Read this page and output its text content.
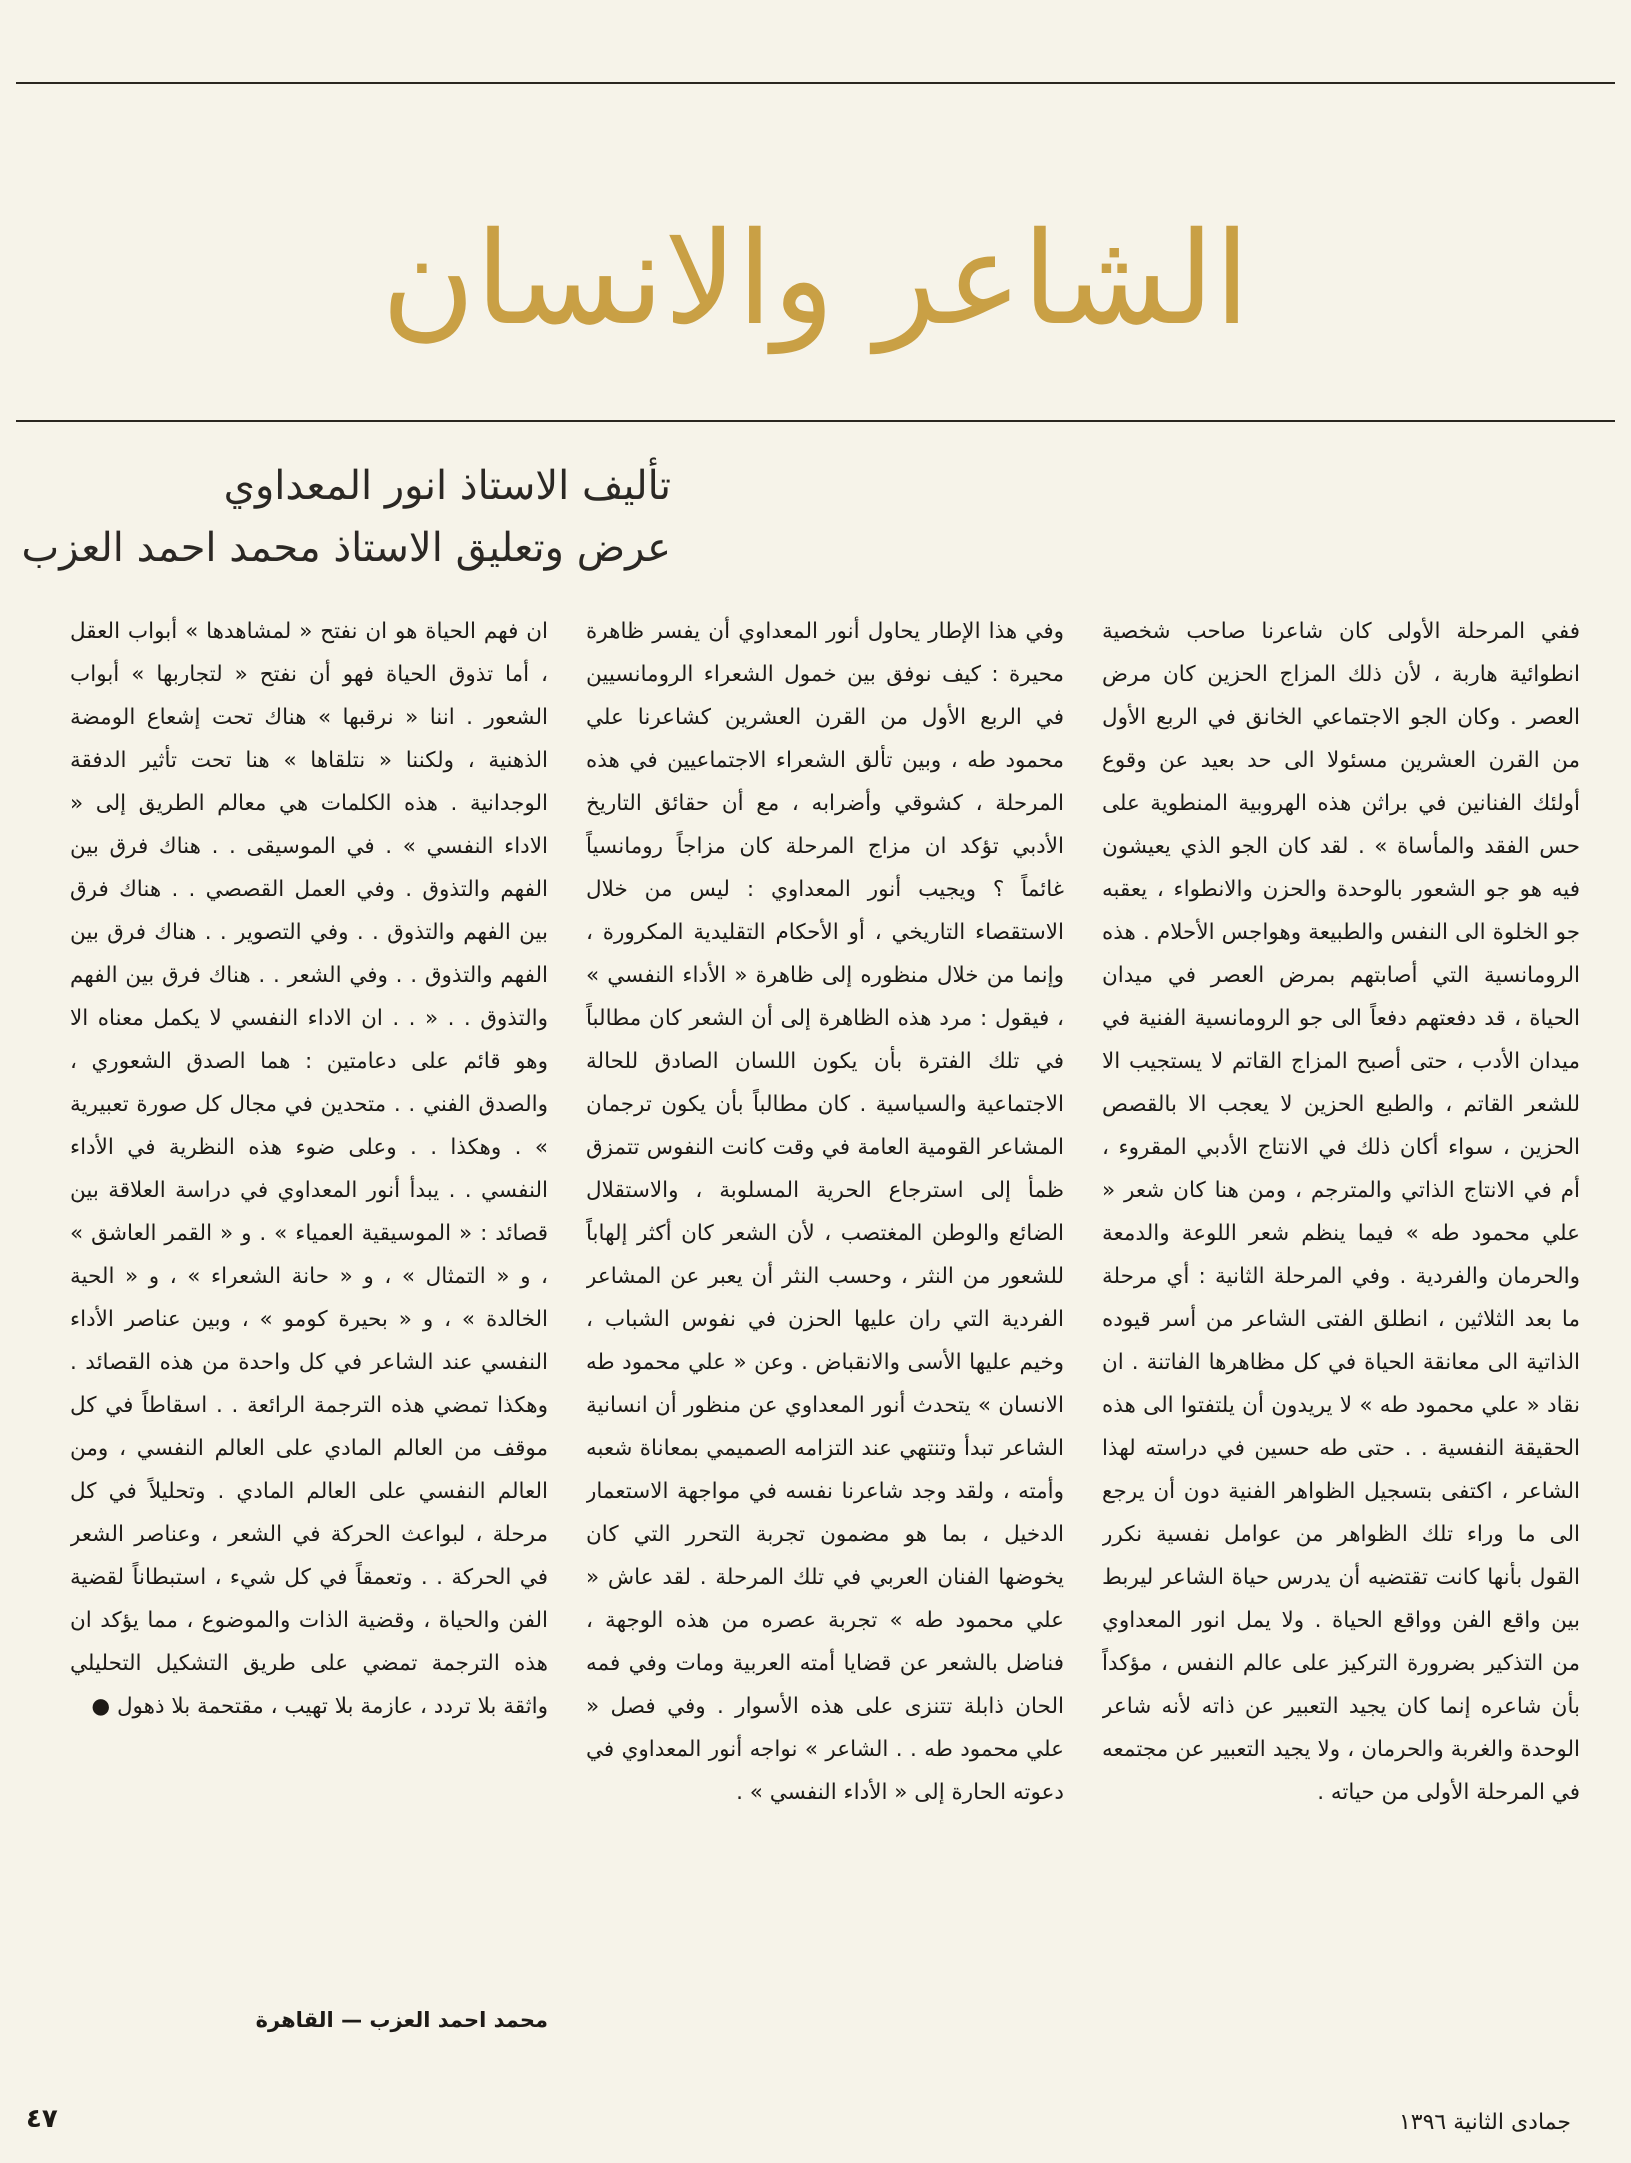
الشاعر والانسان
تأليف الاستاذ انور المعداوي
عرض وتعليق الاستاذ محمد احمد العزب

ففي المرحلة الأولى كان شاعرنا صاحب شخصية انطوائية هاربة ، لأن ذلك المزاج الحزين كان مرض العصر . وكان الجو الاجتماعي الخانق في الربع الأول من القرن العشرين مسئولا الى حد بعيد عن وقوع أولئك الفنانين في براثن هذه الهروبية المنطوية على حس الفقد والمأساة » . لقد كان الجو الذي يعيشون فيه هو جو الشعور بالوحدة والحزن والانطواء ، يعقبه جو الخلوة الى النفس والطبيعة وهواجس الأحلام . هذه الرومانسية التي أصابتهم بمرض العصر في ميدان الحياة ، قد دفعتهم دفعاً الى جو الرومانسية الفنية في ميدان الأدب ، حتى أصبح المزاج القاتم لا يستجيب الا للشعر القاتم ، والطبع الحزين لا يعجب الا بالقصص الحزين ، سواء أكان ذلك في الانتاج الأدبي المقروء ، أم في الانتاج الذاتي والمترجم ، ومن هنا كان شعر « علي محمود طه » فيما ينظم شعر اللوعة والدمعة والحرمان والفردية . وفي المرحلة الثانية : أي مرحلة ما بعد الثلاثين ، انطلق الفتى الشاعر من أسر قيوده الذاتية الى معانقة الحياة في كل مظاهرها الفاتنة . ان نقاد « علي محمود طه » لا يريدون أن يلتفتوا الى هذه الحقيقة النفسية . . حتى طه حسين في دراسته لهذا الشاعر ، اكتفى بتسجيل الظواهر الفنية دون أن يرجع الى ما وراء تلك الظواهر من عوامل نفسية نكرر القول بأنها كانت تقتضيه أن يدرس حياة الشاعر ليربط بين واقع الفن وواقع الحياة . ولا يمل انور المعداوي من التذكير بضرورة التركيز على عالم النفس ، مؤكداً بأن شاعره إنما كان يجيد التعبير عن ذاته لأنه شاعر الوحدة والغربة والحرمان ، ولا يجيد التعبير عن مجتمعه في المرحلة الأولى من حياته .

وفي هذا الإطار يحاول أنور المعداوي أن يفسر ظاهرة محيرة : كيف نوفق بين خمول الشعراء الرومانسيين في الربع الأول من القرن العشرين كشاعرنا علي محمود طه ، وبين تألق الشعراء الاجتماعيين في هذه المرحلة ، كشوقي وأضرابه ، مع أن حقائق التاريخ الأدبي تؤكد ان مزاج المرحلة كان مزاجاً رومانسياً غائماً ؟ ويجيب أنور المعداوي : ليس من خلال الاستقصاء التاريخي ، أو الأحكام التقليدية المكرورة ، وإنما من خلال منظوره إلى ظاهرة « الأداء النفسي » ، فيقول : مرد هذه الظاهرة إلى أن الشعر كان مطالباً في تلك الفترة بأن يكون اللسان الصادق للحالة الاجتماعية والسياسية . كان مطالباً بأن يكون ترجمان المشاعر القومية العامة في وقت كانت النفوس تتمزق ظمأ إلى استرجاع الحرية المسلوبة ، والاستقلال الضائع والوطن المغتصب ، لأن الشعر كان أكثر إلهاباً للشعور من النثر ، وحسب النثر أن يعبر عن المشاعر الفردية التي ران عليها الحزن في نفوس الشباب ، وخيم عليها الأسى والانقباض . وعن « علي محمود طه الانسان » يتحدث أنور المعداوي عن منظور أن انسانية الشاعر تبدأ وتنتهي عند التزامه الصميمي بمعاناة شعبه وأمته ، ولقد وجد شاعرنا نفسه في مواجهة الاستعمار الدخيل ، بما هو مضمون تجربة التحرر التي كان يخوضها الفنان العربي في تلك المرحلة . لقد عاش « علي محمود طه » تجربة عصره من هذه الوجهة ، فناضل بالشعر عن قضايا أمته العربية ومات وفي فمه الحان ذابلة تتنزى على هذه الأسوار . وفي فصل « علي محمود طه . . الشاعر » نواجه أنور المعداوي في دعوته الحارة إلى « الأداء النفسي » .

ان فهم الحياة هو ان نفتح « لمشاهدها » أبواب العقل ، أما تذوق الحياة فهو أن نفتح « لتجاربها » أبواب الشعور . اننا « نرقبها » هناك تحت إشعاع الومضة الذهنية ، ولكننا « نتلقاها » هنا تحت تأثير الدفقة الوجدانية . هذه الكلمات هي معالم الطريق إلى « الاداء النفسي » . في الموسيقى . . هناك فرق بين الفهم والتذوق . وفي العمل القصصي . . هناك فرق بين الفهم والتذوق . . وفي التصوير . . هناك فرق بين الفهم والتذوق . . وفي الشعر . . هناك فرق بين الفهم والتذوق . . « . . ان الاداء النفسي لا يكمل معناه الا وهو قائم على دعامتين : هما الصدق الشعوري ، والصدق الفني . . متحدين في مجال كل صورة تعبيرية » . وهكذا . . وعلى ضوء هذه النظرية في الأداء النفسي . . يبدأ أنور المعداوي في دراسة العلاقة بين قصائد : « الموسيقية العمياء » . و « القمر العاشق » ، و « التمثال » ، و « حانة الشعراء » ، و « الحية الخالدة » ، و « بحيرة كومو » ، وبين عناصر الأداء النفسي عند الشاعر في كل واحدة من هذه القصائد . وهكذا تمضي هذه الترجمة الرائعة . . اسقاطاً في كل موقف من العالم المادي على العالم النفسي ، ومن العالم النفسي على العالم المادي . وتحليلاً في كل مرحلة ، لبواعث الحركة في الشعر ، وعناصر الشعر في الحركة . . وتعمقاً في كل شيء ، استبطاناً لقضية الفن والحياة ، وقضية الذات والموضوع ، مما يؤكد ان هذه الترجمة تمضي على طريق التشكيل التحليلي واثقة بلا تردد ، عازمة بلا تهيب ، مقتحمة بلا ذهول ●

محمد احمد العزب — القاهرة
جمادى الثانية ١٣٩٦
٤٧
